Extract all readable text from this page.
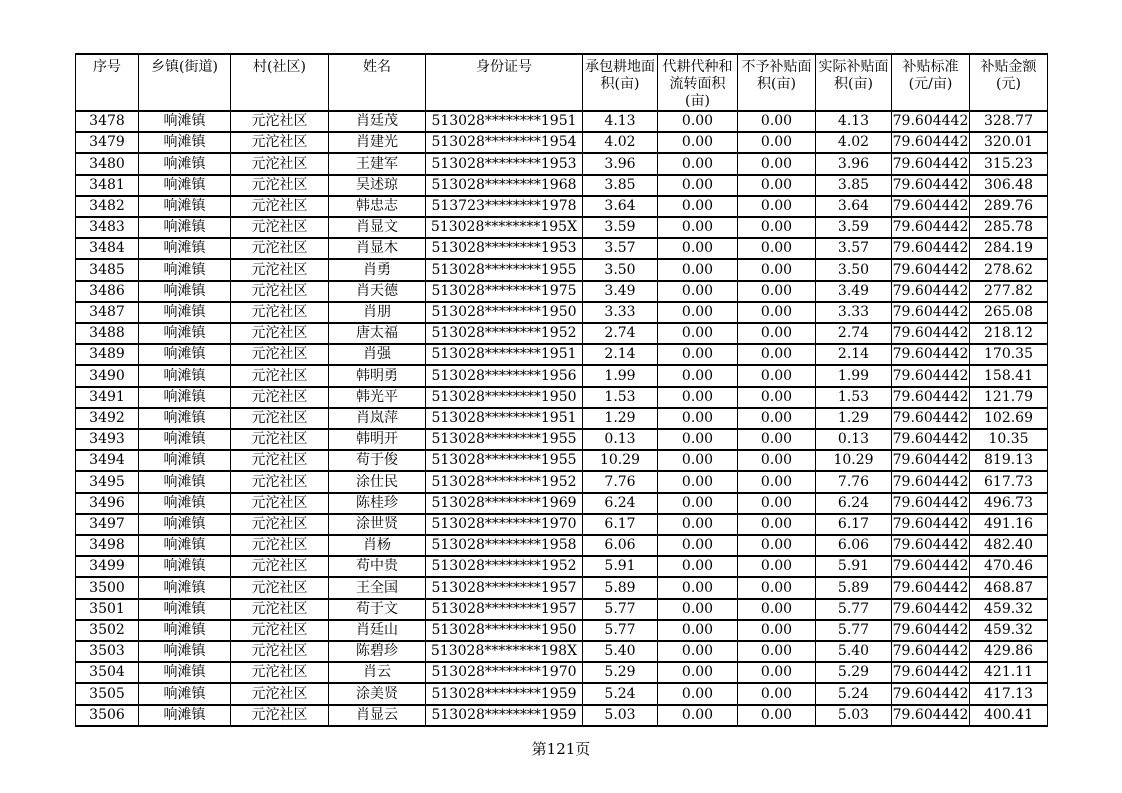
序号	乡镇(街道)	村(社区)	姓名	身份证号	承包耕地面积(亩)	代耕代种和流转面积(亩)	不予补贴面积(亩)	实际补贴面积(亩)	补贴标准(元/亩)	补贴金额(元)
3478	响滩镇	元沱社区	肖廷茂	513028********1951	4.13	0.00	0.00	4.13	79.604442	328.77
3479	响滩镇	元沱社区	肖建光	513028********1954	4.02	0.00	0.00	4.02	79.604442	320.01
3480	响滩镇	元沱社区	王建军	513028********1953	3.96	0.00	0.00	3.96	79.604442	315.23
3481	响滩镇	元沱社区	吴述琼	513028********1968	3.85	0.00	0.00	3.85	79.604442	306.48
3482	响滩镇	元沱社区	韩忠志	513723********1978	3.64	0.00	0.00	3.64	79.604442	289.76
3483	响滩镇	元沱社区	肖显文	513028********195X	3.59	0.00	0.00	3.59	79.604442	285.78
3484	响滩镇	元沱社区	肖显木	513028********1953	3.57	0.00	0.00	3.57	79.604442	284.19
3485	响滩镇	元沱社区	肖勇	513028********1955	3.50	0.00	0.00	3.50	79.604442	278.62
3486	响滩镇	元沱社区	肖天德	513028********1975	3.49	0.00	0.00	3.49	79.604442	277.82
3487	响滩镇	元沱社区	肖朋	513028********1950	3.33	0.00	0.00	3.33	79.604442	265.08
3488	响滩镇	元沱社区	唐太福	513028********1952	2.74	0.00	0.00	2.74	79.604442	218.12
3489	响滩镇	元沱社区	肖强	513028********1951	2.14	0.00	0.00	2.14	79.604442	170.35
3490	响滩镇	元沱社区	韩明勇	513028********1956	1.99	0.00	0.00	1.99	79.604442	158.41
3491	响滩镇	元沱社区	韩光平	513028********1950	1.53	0.00	0.00	1.53	79.604442	121.79
3492	响滩镇	元沱社区	肖岚萍	513028********1951	1.29	0.00	0.00	1.29	79.604442	102.69
3493	响滩镇	元沱社区	韩明开	513028********1955	0.13	0.00	0.00	0.13	79.604442	10.35
3494	响滩镇	元沱社区	苟于俊	513028********1955	10.29	0.00	0.00	10.29	79.604442	819.13
3495	响滩镇	元沱社区	涂仕民	513028********1952	7.76	0.00	0.00	7.76	79.604442	617.73
3496	响滩镇	元沱社区	陈桂珍	513028********1969	6.24	0.00	0.00	6.24	79.604442	496.73
3497	响滩镇	元沱社区	涂世贤	513028********1970	6.17	0.00	0.00	6.17	79.604442	491.16
3498	响滩镇	元沱社区	肖杨	513028********1958	6.06	0.00	0.00	6.06	79.604442	482.40
3499	响滩镇	元沱社区	苟中贵	513028********1952	5.91	0.00	0.00	5.91	79.604442	470.46
3500	响滩镇	元沱社区	王全国	513028********1957	5.89	0.00	0.00	5.89	79.604442	468.87
3501	响滩镇	元沱社区	苟于文	513028********1957	5.77	0.00	0.00	5.77	79.604442	459.32
3502	响滩镇	元沱社区	肖廷山	513028********1950	5.77	0.00	0.00	5.77	79.604442	459.32
3503	响滩镇	元沱社区	陈碧珍	513028********198X	5.40	0.00	0.00	5.40	79.604442	429.86
3504	响滩镇	元沱社区	肖云	513028********1970	5.29	0.00	0.00	5.29	79.604442	421.11
3505	响滩镇	元沱社区	涂美贤	513028********1959	5.24	0.00	0.00	5.24	79.604442	417.13
3506	响滩镇	元沱社区	肖显云	513028********1959	5.03	0.00	0.00	5.03	79.604442	400.41
第121页
